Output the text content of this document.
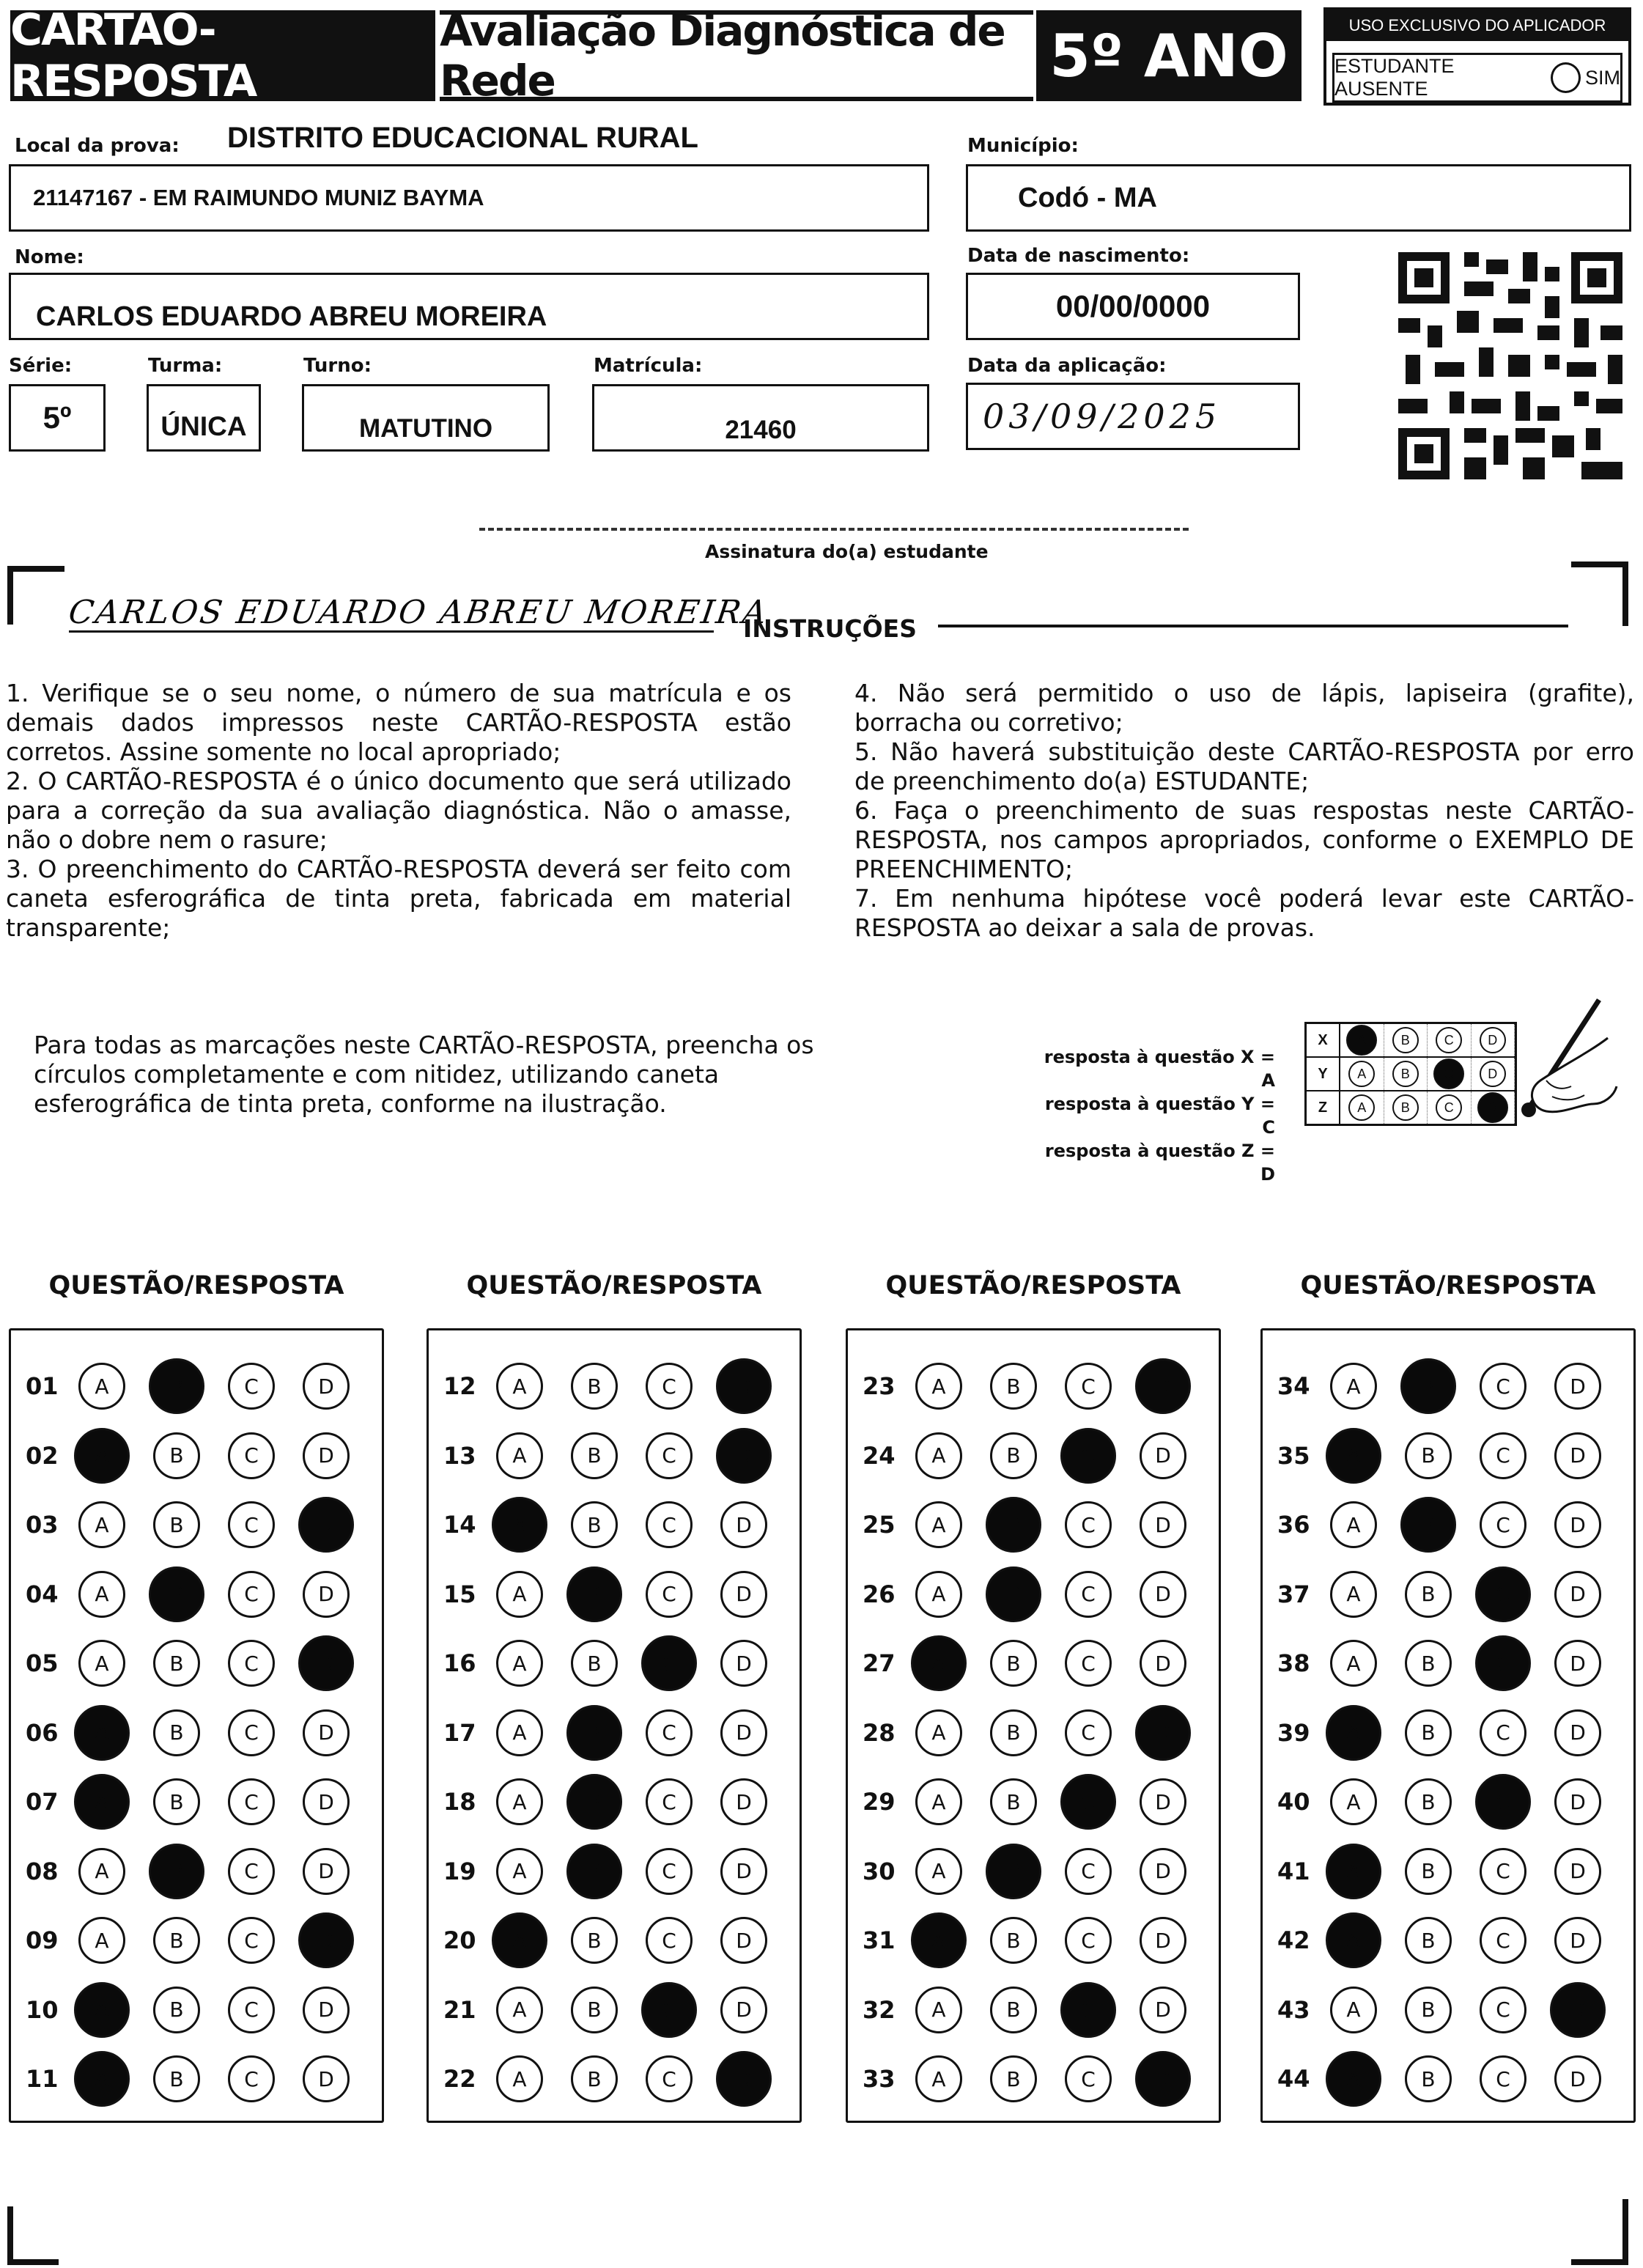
CARTÃO-RESPOSTA
Avaliação Diagnóstica de Rede	5º ANO	USO EXCLUSIVO DO APLICADOR
ESTUDANTE AUSENTE
SIM
Local da prova: DISTRITO EDUCACIONAL RURAL
21147167 - EM RAIMUNDO MUNIZ BAYMA
Município:
Codó - MA
Nome:
CARLOS EDUARDO ABREU MOREIRA
Data de nascimento:
00/00/0000
Série:
5º
Turma:
ÚNICA
Turno:
MATUTINO
Matrícula:
21460
Data da aplicação:
03/09/2025
Assinatura do(a) estudante
CARLOS EDUARDO ABREU MOREIRA
INSTRUÇÕES

1. Verifique se o seu nome, o número de sua matrícula e os demais dados impressos neste CARTÃO-RESPOSTA estão corretos. Assine somente no local apropriado;

2. O CARTÃO-RESPOSTA é o único documento que será utilizado para a correção da sua avaliação diagnóstica. Não o amasse, não o dobre nem o rasure;

3. O preenchimento do CARTÃO-RESPOSTA deverá ser feito com caneta esferográfica de tinta preta, fabricada em material transparente;

4. Não será permitido o uso de lápis, lapiseira (grafite), borracha ou corretivo;

5. Não haverá substituição deste CARTÃO-RESPOSTA por erro de preenchimento do(a) ESTUDANTE;

6. Faça o preenchimento de suas respostas neste CARTÃO-RESPOSTA, nos campos apropriados, conforme o EXEMPLO DE PREENCHIMENTO;

7. Em nenhuma hipótese você poderá levar este CARTÃO-RESPOSTA ao deixar a sala de provas.

Para todas as marcações neste CARTÃO-RESPOSTA, preencha os círculos completamente e com nitidez, utilizando caneta esferográfica de tinta preta, conforme na ilustração.
resposta à questão X = A
resposta à questão Y = C
resposta à questão Z = D
X	A	B	C	D
Y	A	B	C	D
Z	A	B	C	D
QUESTÃO/RESPOSTA
01	A	B	C	D
02	A	B	C	D
03	A	B	C	D
04	A	B	C	D
05	A	B	C	D
06	A	B	C	D
07	A	B	C	D
08	A	B	C	D
09	A	B	C	D
10	A	B	C	D
11	A	B	C	D
QUESTÃO/RESPOSTA
12	A	B	C	D
13	A	B	C	D
14	A	B	C	D
15	A	B	C	D
16	A	B	C	D
17	A	B	C	D
18	A	B	C	D
19	A	B	C	D
20	A	B	C	D
21	A	B	C	D
22	A	B	C	D
QUESTÃO/RESPOSTA
23	A	B	C	D
24	A	B	C	D
25	A	B	C	D
26	A	B	C	D
27	A	B	C	D
28	A	B	C	D
29	A	B	C	D
30	A	B	C	D
31	A	B	C	D
32	A	B	C	D
33	A	B	C	D
QUESTÃO/RESPOSTA
34	A	B	C	D
35	A	B	C	D
36	A	B	C	D
37	A	B	C	D
38	A	B	C	D
39	A	B	C	D
40	A	B	C	D
41	A	B	C	D
42	A	B	C	D
43	A	B	C	D
44	A	B	C	D
